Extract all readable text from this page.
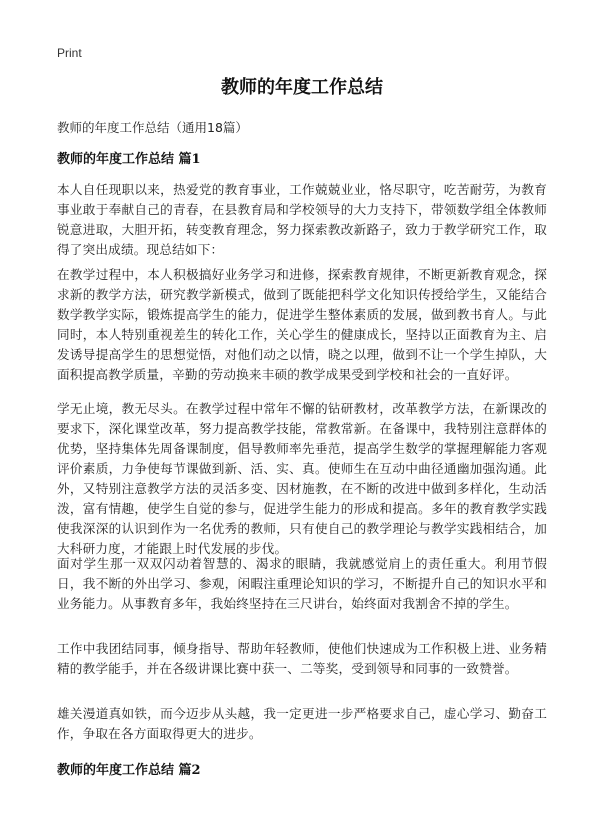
Print
教师的年度工作总结
教师的年度工作总结（通用18篇）
教师的年度工作总结 篇1

本人自任现职以来，热爱党的教育事业，工作兢兢业业，恪尽职守，吃苦耐劳，为教育事业敢于奉献自己的青春，在县教育局和学校领导的大力支持下，带领数学组全体教师锐意进取，大胆开拓，转变教育理念，努力探索教改新路子，致力于教学研究工作，取得了突出成绩。现总结如下：

在教学过程中，本人积极搞好业务学习和进修，探索教育规律，不断更新教育观念，探求新的教学方法，研究教学新模式，做到了既能把科学文化知识传授给学生，又能结合数学教学实际，锻炼提高学生的能力，促进学生整体素质的发展，做到教书育人。与此同时，本人特别重视差生的转化工作，关心学生的健康成长，坚持以正面教育为主、启发诱导提高学生的思想觉悟，对他们动之以情，晓之以理，做到不让一个学生掉队，大面积提高教学质量，辛勤的劳动换来丰硕的教学成果受到学校和社会的一直好评。

学无止境，教无尽头。在教学过程中常年不懈的钻研教材，改革教学方法，在新课改的要求下，深化课堂改革，努力提高教学技能，常教常新。在备课中，我特别注意群体的优势，坚持集体先周备课制度，倡导教师率先垂范，提高学生数学的掌握理解能力客观评价素质，力争使每节课做到新、活、实、真。使师生在互动中曲径通幽加强沟通。此外，又特别注意教学方法的灵活多变、因材施教，在不断的改进中做到多样化，生动活泼，富有情趣，使学生自觉的参与，促进学生能力的形成和提高。多年的教育教学实践使我深深的认识到作为一名优秀的教师，只有使自己的教学理论与教学实践相结合，加大科研力度，才能跟上时代发展的步伐。

面对学生那一双双闪动着智慧的、渴求的眼睛，我就感觉肩上的责任重大。利用节假日，我不断的外出学习、参观，闲暇注重理论知识的学习，不断提升自己的知识水平和业务能力。从事教育多年，我始终坚持在三尺讲台，始终面对我割舍不掉的学生。

工作中我团结同事，倾身指导、帮助年轻教师，使他们快速成为工作积极上进、业务精精的教学能手，并在各级讲课比赛中获一、二等奖，受到领导和同事的一致赞誉。

雄关漫道真如铁，而今迈步从头越，我一定更进一步严格要求自己，虚心学习、勤奋工作，争取在各方面取得更大的进步。

教师的年度工作总结 篇2
